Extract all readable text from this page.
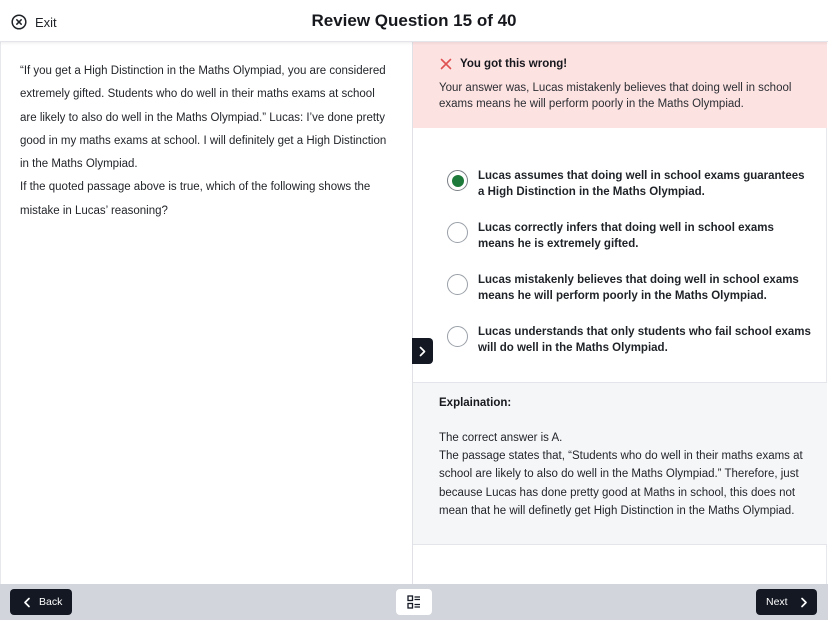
Exit	Review Question 15 of 40

“If you get a High Distinction in the Maths Olympiad, you are considered extremely gifted. Students who do well in their maths exams at school are likely to also do well in the Maths Olympiad.” Lucas: I’ve done pretty good in my maths exams at school. I will definitely get a High Distinction in the Maths Olympiad.

If the quoted passage above is true, which of the following shows the mistake in Lucas’ reasoning?

You got this wrong!
Your answer was, Lucas mistakenly believes that doing well in school exams means he will perform poorly in the Maths Olympiad.
Lucas assumes that doing well in school exams guarantees a High Distinction in the Maths Olympiad.
Lucas correctly infers that doing well in school exams means he is extremely gifted.
Lucas mistakenly believes that doing well in school exams means he will perform poorly in the Maths Olympiad.
Lucas understands that only students who fail school exams will do well in the Maths Olympiad.
Explaination:
The correct answer is A.
The passage states that, “Students who do well in their maths exams at school are likely to also do well in the Maths Olympiad.” Therefore, just because Lucas has done pretty good at Maths in school, this does not mean that he will definetly get High Distinction in the Maths Olympiad.
Back	Next
